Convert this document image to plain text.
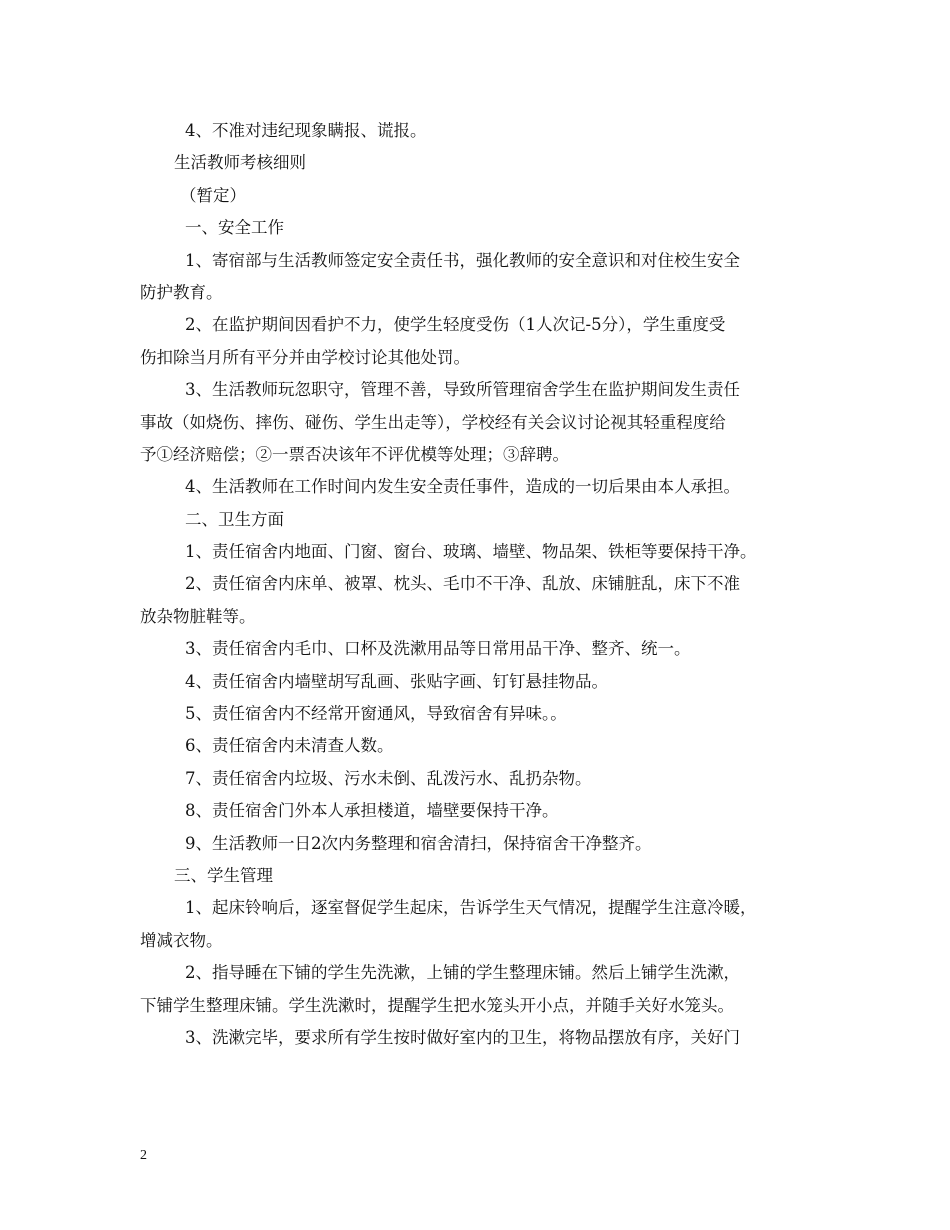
4、不准对违纪现象瞒报、谎报。
生活教师考核细则
（暂定）
一、安全工作
1、寄宿部与生活教师签定安全责任书，强化教师的安全意识和对住校生安全
防护教育。
2、在监护期间因看护不力，使学生轻度受伤（1人次记-5分），学生重度受
伤扣除当月所有平分并由学校讨论其他处罚。
3、生活教师玩忽职守，管理不善，导致所管理宿舍学生在监护期间发生责任
事故（如烧伤、摔伤、碰伤、学生出走等），学校经有关会议讨论视其轻重程度给
予①经济赔偿；②一票否决该年不评优模等处理；③辞聘。
4、生活教师在工作时间内发生安全责任事件，造成的一切后果由本人承担。
二、卫生方面
1、责任宿舍内地面、门窗、窗台、玻璃、墙壁、物品架、铁柜等要保持干净。
2、责任宿舍内床单、被罩、枕头、毛巾不干净、乱放、床铺脏乱，床下不准
放杂物脏鞋等。
3、责任宿舍内毛巾、口杯及洗漱用品等日常用品干净、整齐、统一。
4、责任宿舍内墙壁胡写乱画、张贴字画、钉钉悬挂物品。
5、责任宿舍内不经常开窗通风，导致宿舍有异味。。
6、责任宿舍内未清查人数。
7、责任宿舍内垃圾、污水未倒、乱泼污水、乱扔杂物。
8、责任宿舍门外本人承担楼道，墙壁要保持干净。
9、生活教师一日2次内务整理和宿舍清扫，保持宿舍干净整齐。
三、学生管理
1、起床铃响后，逐室督促学生起床，告诉学生天气情况，提醒学生注意冷暖，
增减衣物。
2、指导睡在下铺的学生先洗漱，上铺的学生整理床铺。然后上铺学生洗漱，
下铺学生整理床铺。学生洗漱时，提醒学生把水笼头开小点，并随手关好水笼头。
3、洗漱完毕，要求所有学生按时做好室内的卫生，将物品摆放有序，关好门
2
